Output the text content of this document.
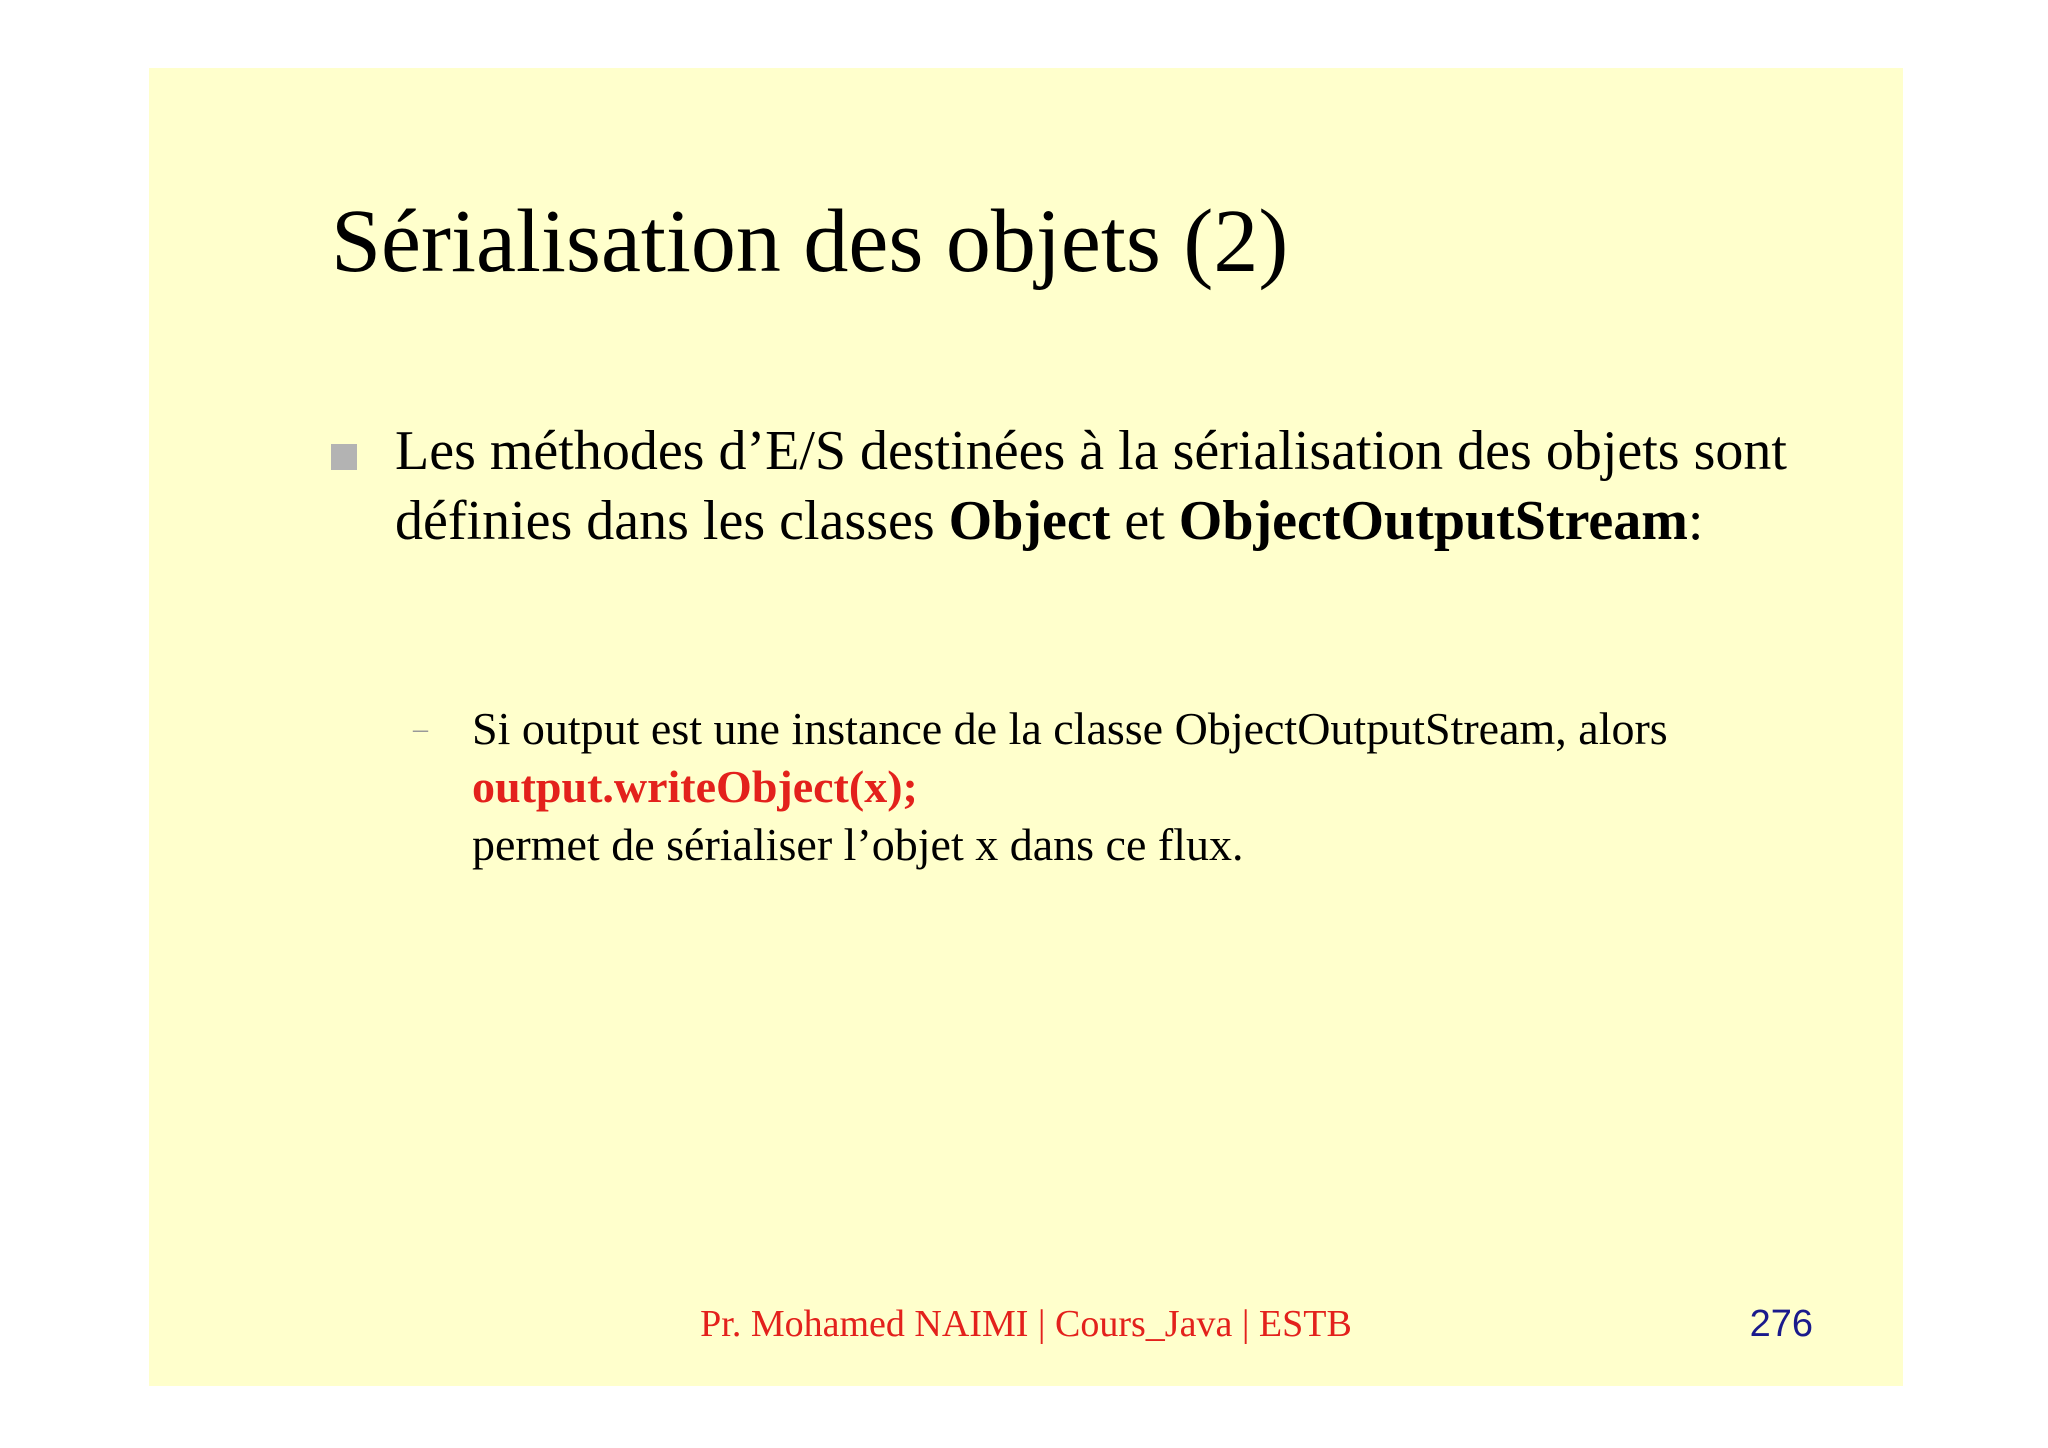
Sérialisation des objets (2)
Les méthodes d’E/S destinées à la sérialisation des objets sont définies dans les classes Object et ObjectOutputStream:
– Si output est une instance de la classe ObjectOutputStream, alors
output.writeObject(x);
permet de sérialiser l’objet x dans ce flux.
Pr. Mohamed NAIMI | Cours_Java | ESTB	276
